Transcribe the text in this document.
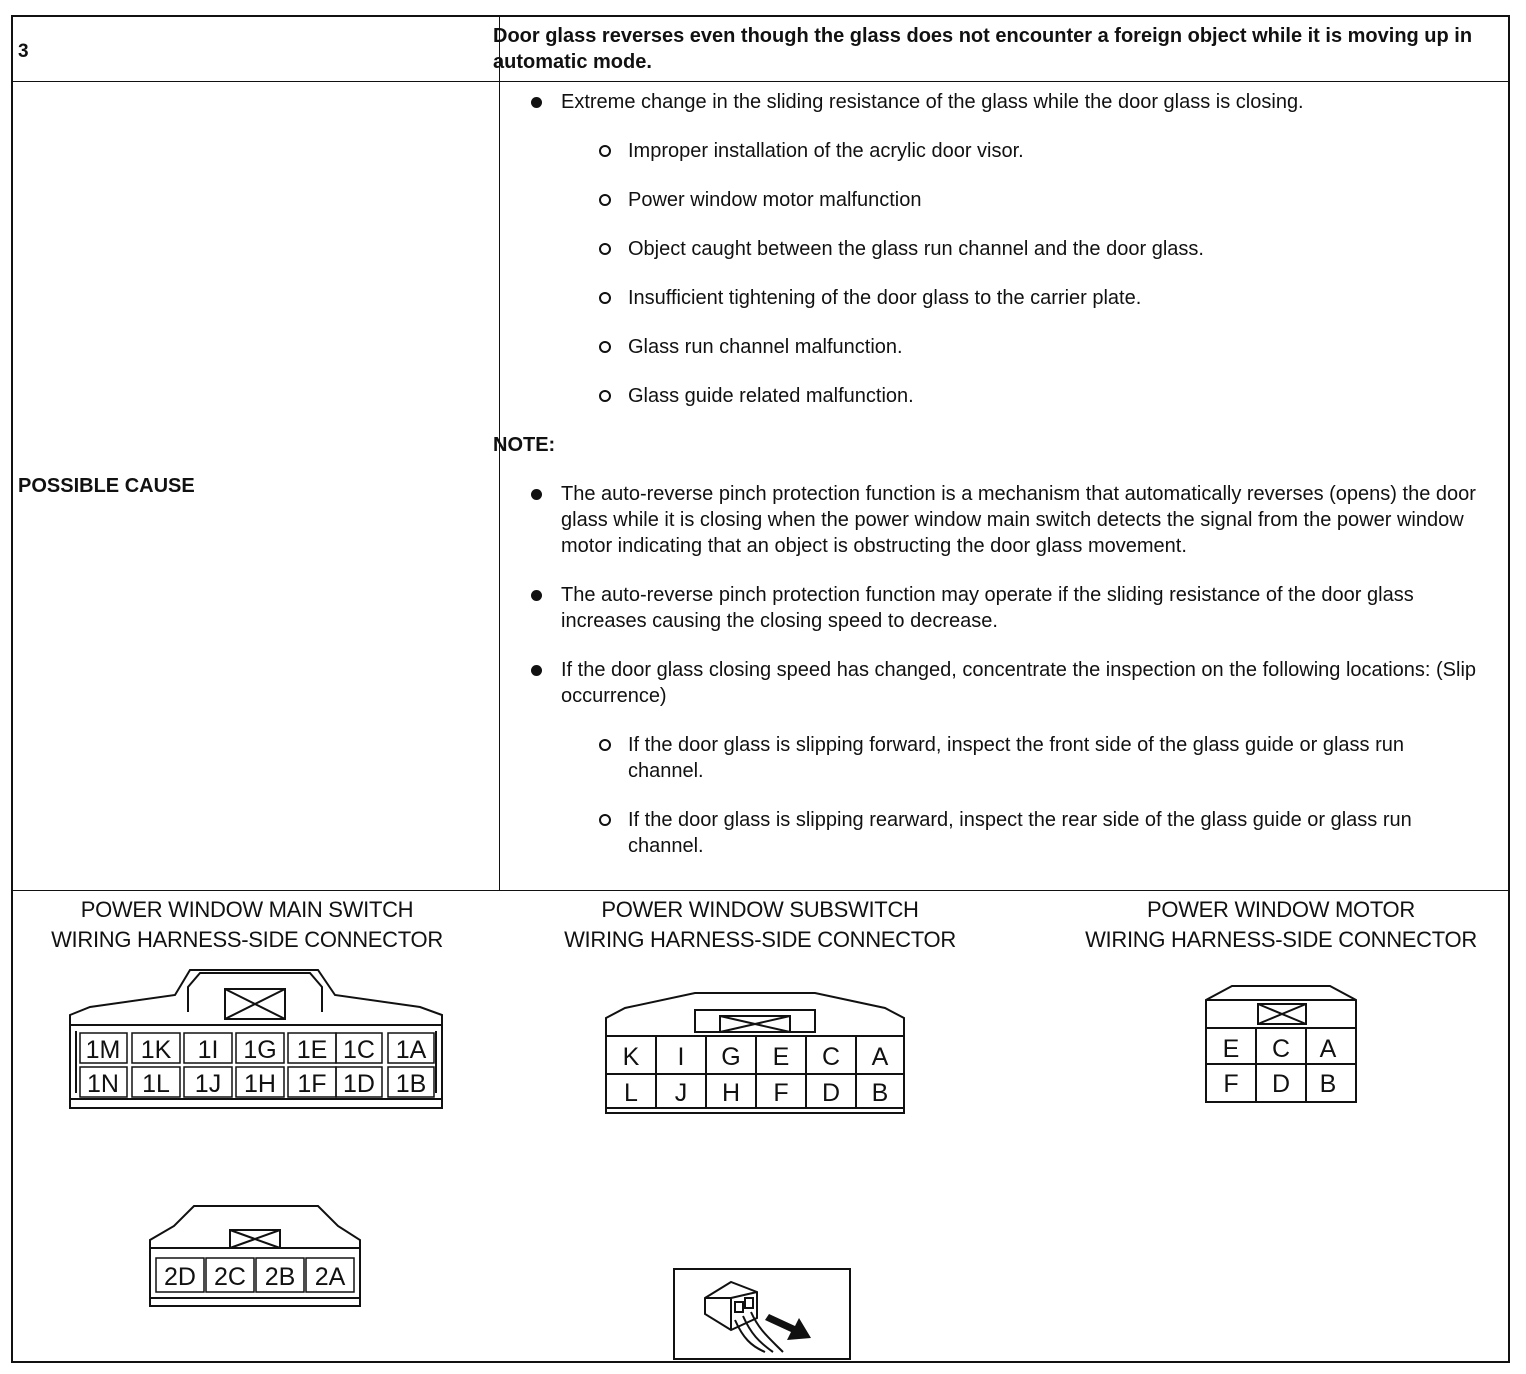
3
Door glass reverses even though the glass does not encounter a foreign object while it is moving up in automatic mode.
POSSIBLE CAUSE
Extreme change in the sliding resistance of the glass while the door glass is closing.
Improper installation of the acrylic door visor.
Power window motor malfunction
Object caught between the glass run channel and the door glass.
Insufficient tightening of the door glass to the carrier plate.
Glass run channel malfunction.
Glass guide related malfunction.
NOTE:
The auto-reverse pinch protection function is a mechanism that automatically reverses (opens) the door glass while it is closing when the power window main switch detects the signal from the power window motor indicating that an object is obstructing the door glass movement.
The auto-reverse pinch protection function may operate if the sliding resistance of the door glass increases causing the closing speed to decrease.
If the door glass closing speed has changed, concentrate the inspection on the following locations: (Slip occurrence)
If the door glass is slipping forward, inspect the front side of the glass guide or glass run channel.
If the door glass is slipping rearward, inspect the rear side of the glass guide or glass run channel.
POWER WINDOW MAIN SWITCH
WIRING HARNESS-SIDE CONNECTOR
POWER WINDOW SUBSWITCH
WIRING HARNESS-SIDE CONNECTOR
POWER WINDOW MOTOR
WIRING HARNESS-SIDE CONNECTOR
1M 1K 1I 1G 1E 1C 1A
1N 1L 1J 1H 1F 1D 1B
2D 2C 2B 2A
K I G E C A
L J H F D B
E C A
F D B
